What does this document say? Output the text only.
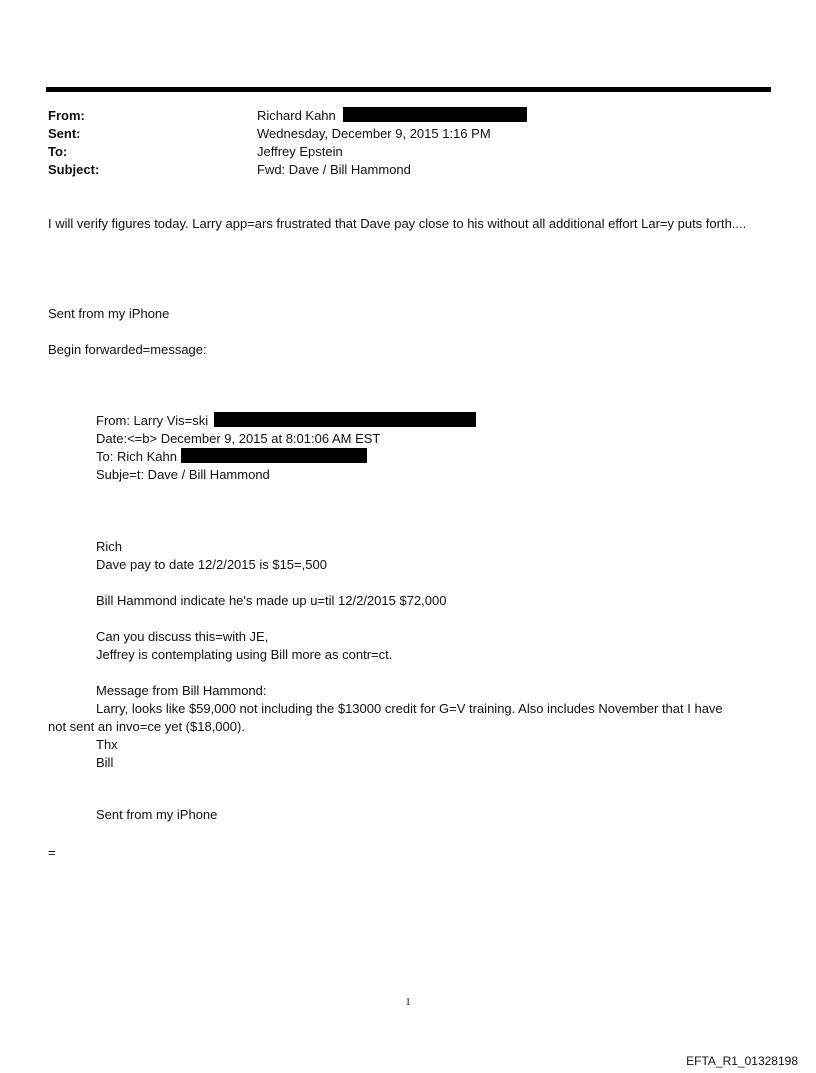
From:	Richard Kahn
Sent:	Wednesday, December 9, 2015 1:16 PM
To:	Jeffrey Epstein
Subject:	Fwd: Dave / Bill Hammond
I will verify figures today. Larry app=ars frustrated that Dave pay close to his without all additional effort Lar=y puts forth....
Sent from my iPhone
Begin forwarded=message:
From: Larry Vis=ski
Date:<=b> December 9, 2015 at 8:01:06 AM EST
To: Rich Kahn
Subje=t: Dave / Bill Hammond
Rich
Dave pay to date 12/2/2015 is $15=,500
Bill Hammond indicate he's made up u=til 12/2/2015 $72,000
Can you discuss this=with JE,
Jeffrey is contemplating using Bill more as contr=ct.
Message from Bill Hammond:
Larry, looks like $59,000 not including the $13000 credit for G=V training. Also includes November that I have
not sent an invo=ce yet ($18,000).
Thx
Bill
Sent from my iPhone
=
1
EFTA_R1_01328198
